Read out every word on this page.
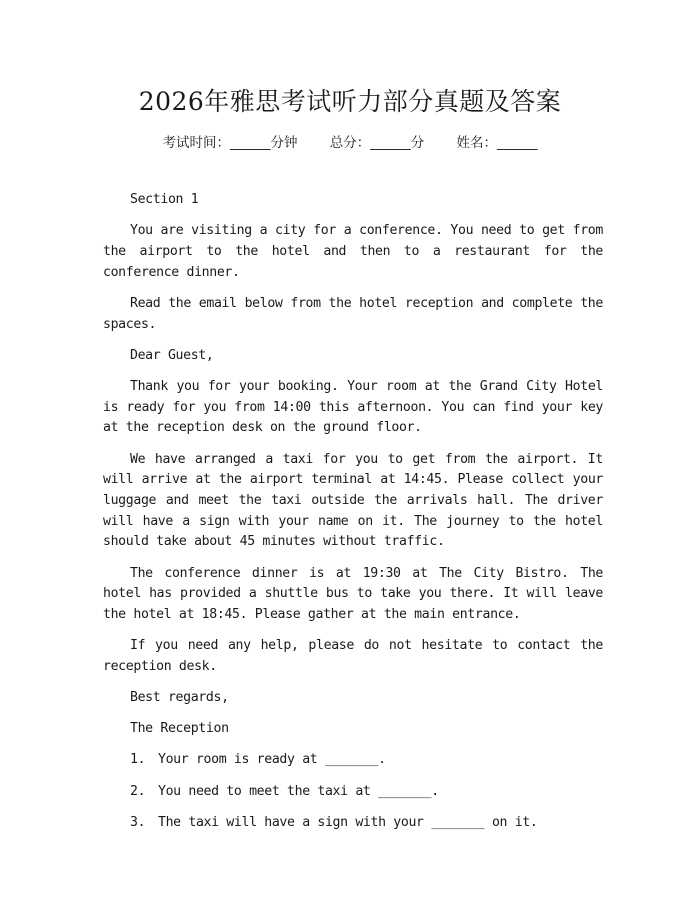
2026年雅思考试听力部分真题及答案
考试时间：______分钟 总分：______分 姓名：______

Section 1

You are visiting a city for a conference. You need to get from the airport to the hotel and then to a restaurant for the conference dinner.

Read the email below from the hotel reception and complete the spaces.

Dear Guest,

Thank you for your booking. Your room at the Grand City Hotel is ready for you from 14:00 this afternoon. You can find your key at the reception desk on the ground floor.

We have arranged a taxi for you to get from the airport. It will arrive at the airport terminal at 14:45. Please collect your luggage and meet the taxi outside the arrivals hall. The driver will have a sign with your name on it. The journey to the hotel should take about 45 minutes without traffic.

The conference dinner is at 19:30 at The City Bistro. The hotel has provided a shuttle bus to take you there. It will leave the hotel at 18:45. Please gather at the main entrance.

If you need any help, please do not hesitate to contact the reception desk.

Best regards,

The Reception

1. Your room is ready at _______.
2. You need to meet the taxi at _______.
3. The taxi will have a sign with your _______ on it.
